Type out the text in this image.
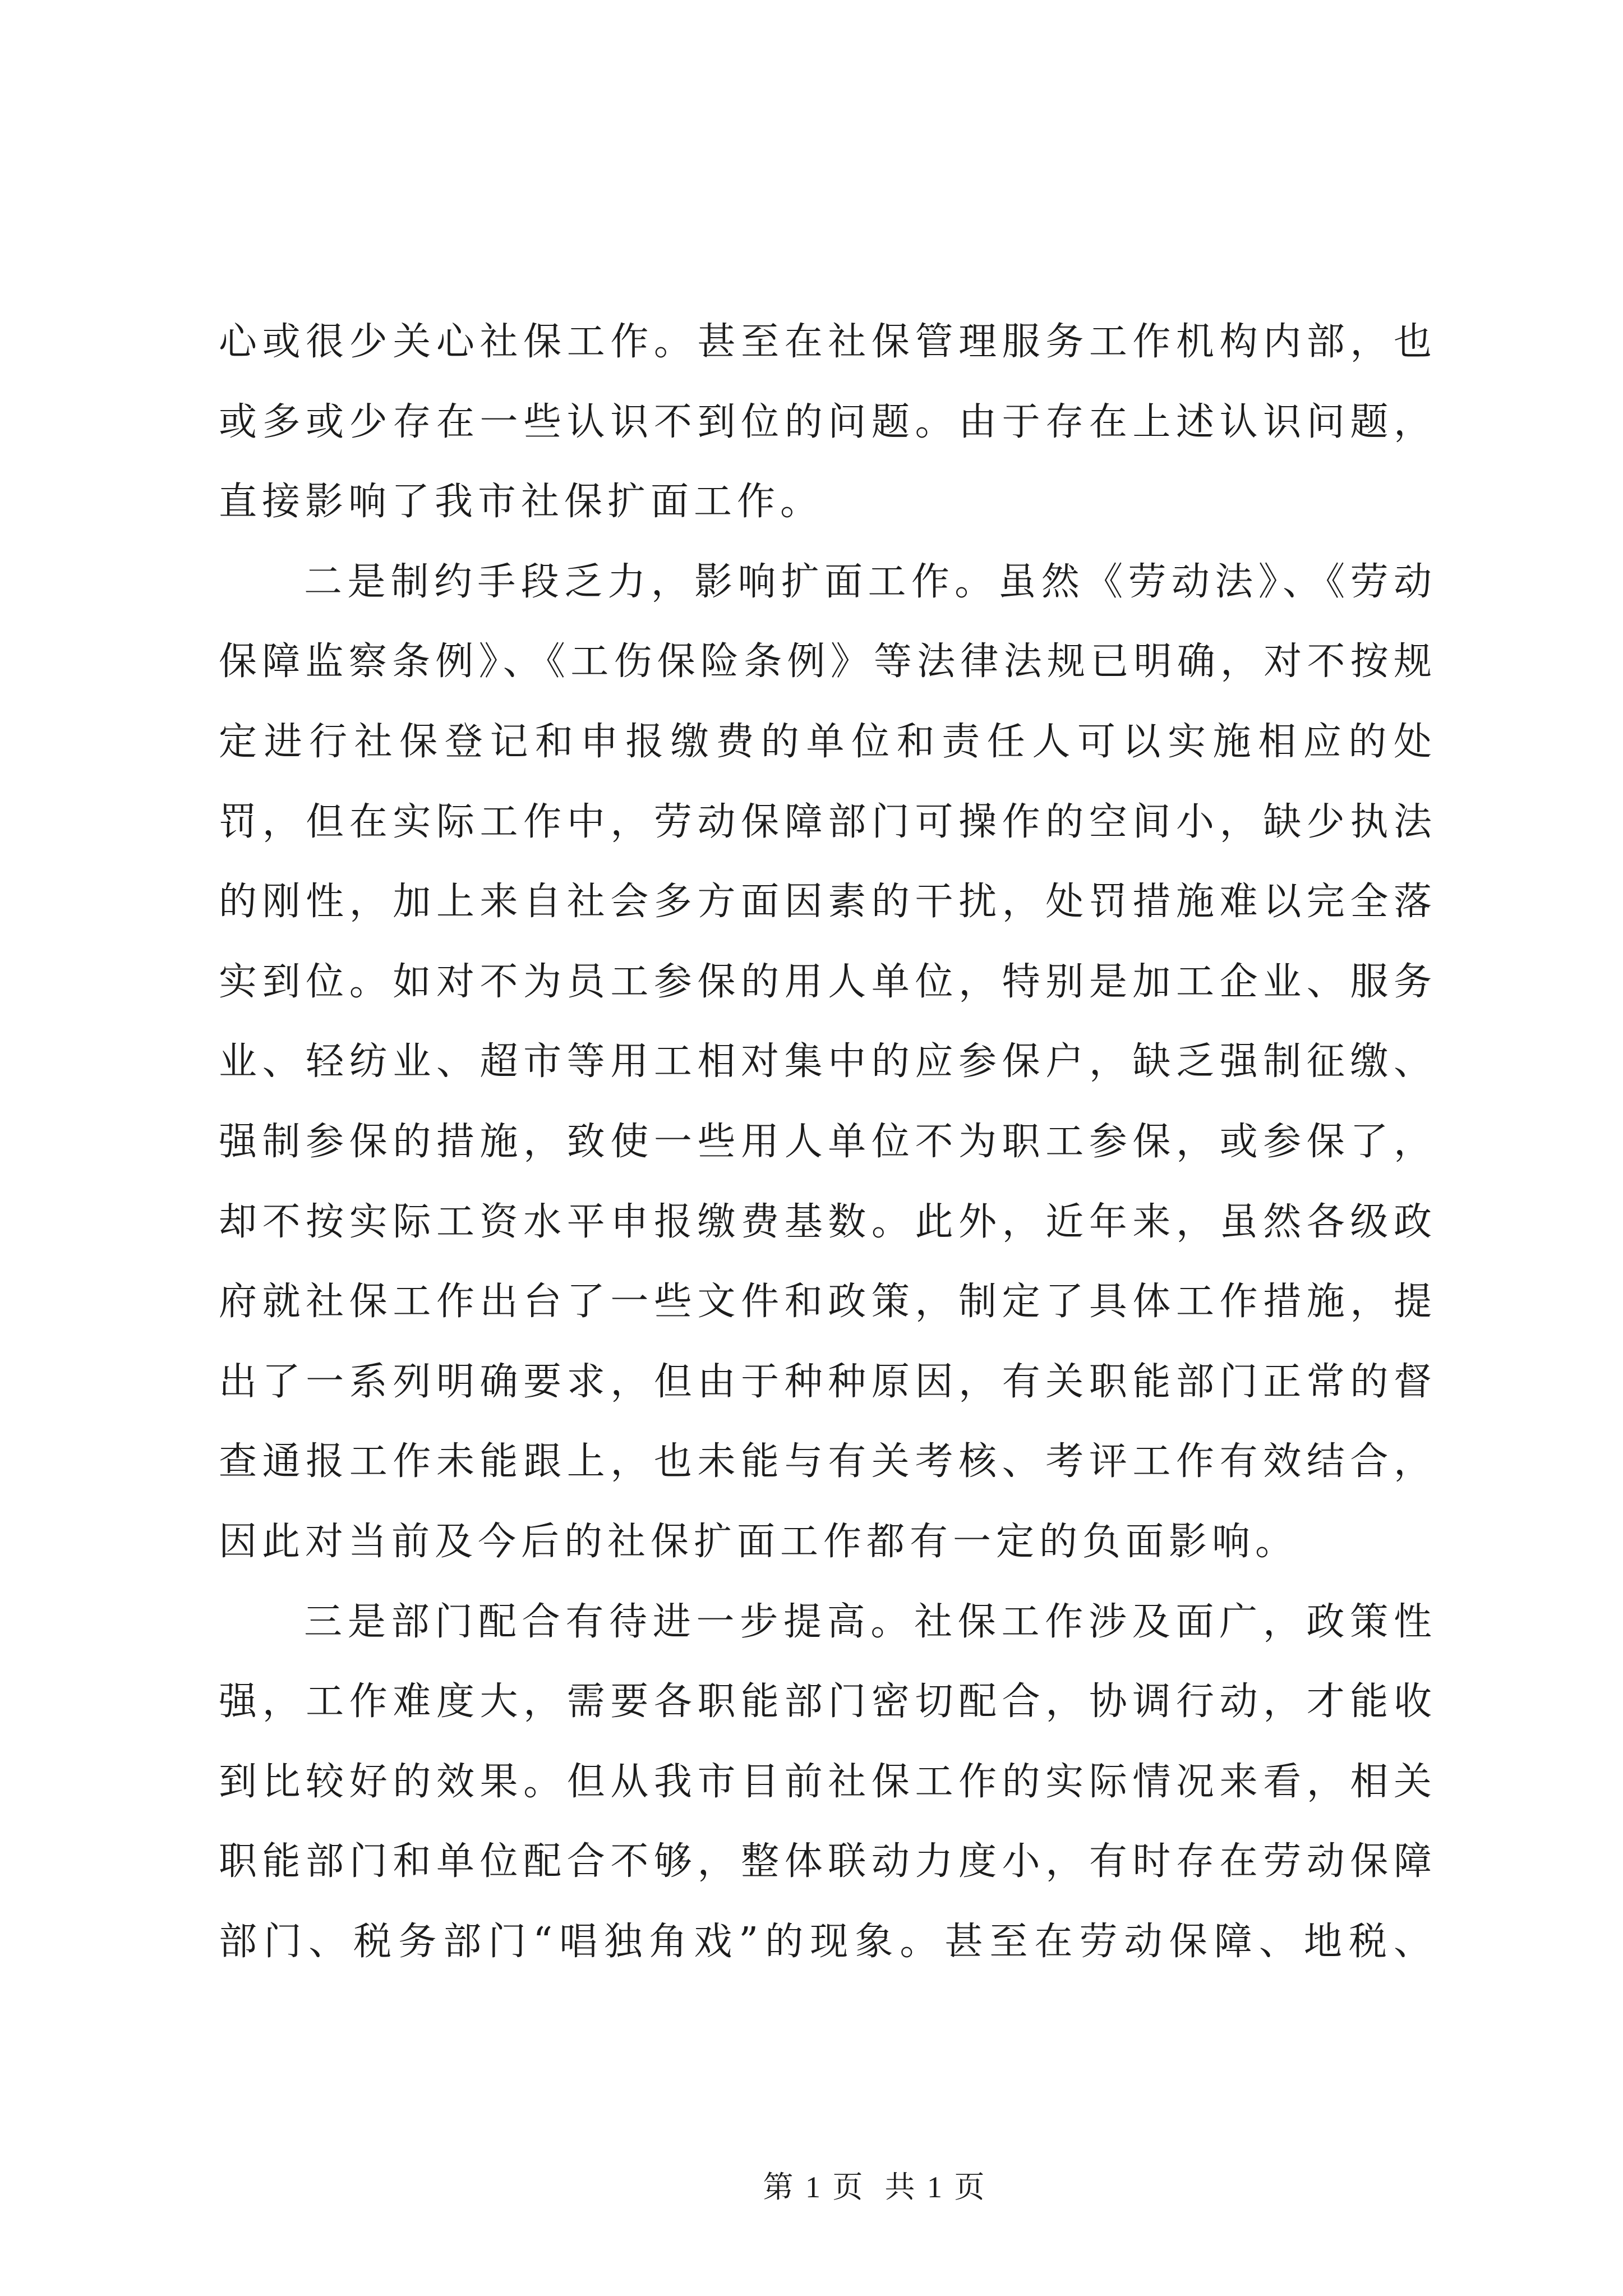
心或很少关心社保工作。甚至在社保管理服务工作机构内部，也
或多或少存在一些认识不到位的问题。由于存在上述认识问题，
直接影响了我市社保扩面工作。
二是制约手段乏力，影响扩面工作。虽然《劳动法》、《劳动
保障监察条例》、《工伤保险条例》等法律法规已明确，对不按规
定进行社保登记和申报缴费的单位和责任人可以实施相应的处
罚，但在实际工作中，劳动保障部门可操作的空间小，缺少执法
的刚性，加上来自社会多方面因素的干扰，处罚措施难以完全落
实到位。如对不为员工参保的用人单位，特别是加工企业、服务
业、轻纺业、超市等用工相对集中的应参保户，缺乏强制征缴、
强制参保的措施，致使一些用人单位不为职工参保，或参保了，
却不按实际工资水平申报缴费基数。此外，近年来，虽然各级政
府就社保工作出台了一些文件和政策，制定了具体工作措施，提
出了一系列明确要求，但由于种种原因，有关职能部门正常的督
查通报工作未能跟上，也未能与有关考核、考评工作有效结合，
因此对当前及今后的社保扩面工作都有一定的负面影响。
三是部门配合有待进一步提高。社保工作涉及面广，政策性
强，工作难度大，需要各职能部门密切配合，协调行动，才能收
到比较好的效果。但从我市目前社保工作的实际情况来看，相关
职能部门和单位配合不够，整体联动力度小，有时存在劳动保障
部门、税务部门“唱独角戏”的现象。甚至在劳动保障、地税、

第 1 页  共 1 页
